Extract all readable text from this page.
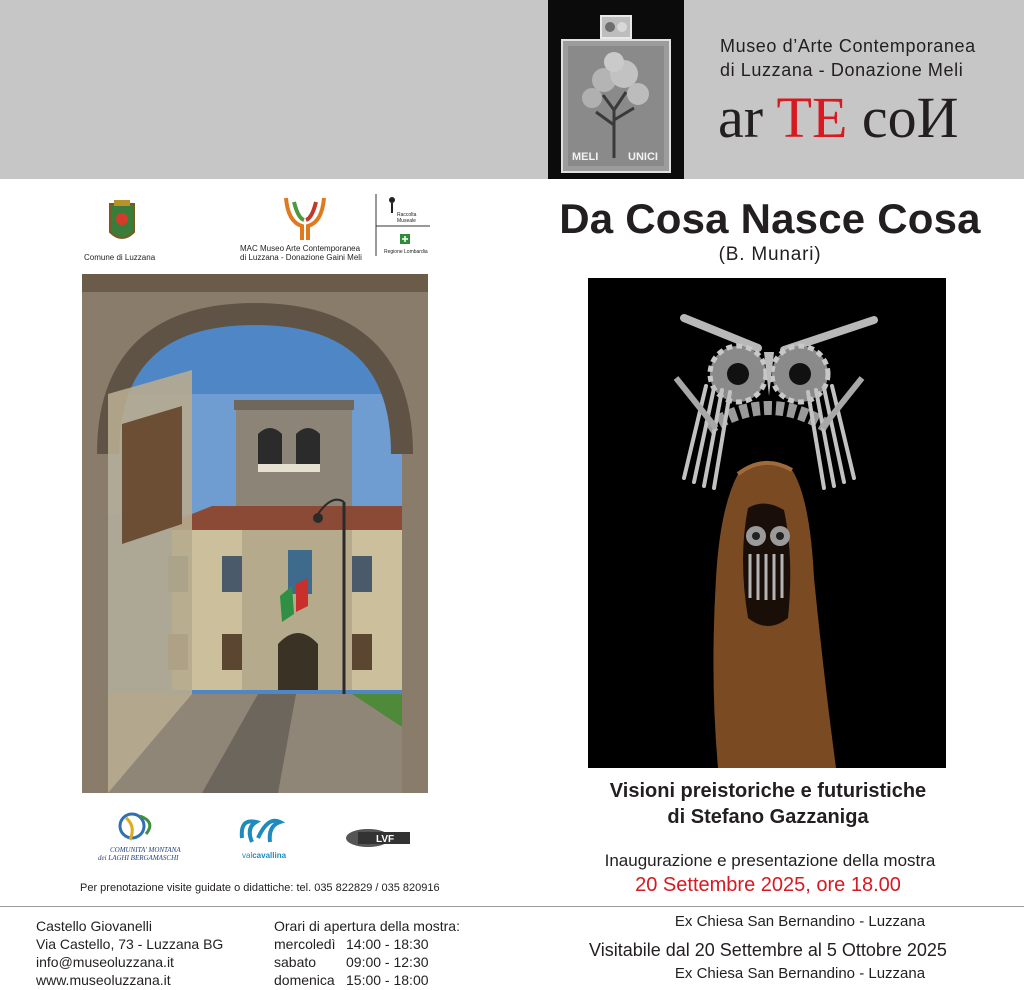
MELI	UNICI
Museo d’Arte Contemporanea
di Luzzana - Donazione Meli
ar TE coИ
Raccolta
Museale
Regione Lombardia
Comune di Luzzana
MAC Museo Arte Contemporanea
di Luzzana - Donazione Gaini Meli
COMUNITA' MONTANA
dei LAGHI BERGAMASCHI	valcavallina
LVF
Per prenotazione visite guidate o didattiche: tel. 035 822829 / 035 820916
Da Cosa Nasce Cosa
(B. Munari)
Visioni preistoriche e futuristiche
di Stefano Gazzaniga
Inaugurazione e presentazione della mostra
20 Settembre 2025, ore 18.00
Castello Giovanelli
Via Castello, 73 - Luzzana BG
info@museoluzzana.it
www.museoluzzana.it
Orari di apertura della mostra:
mercoledì 14:00 - 18:30
sabato 09:00 - 12:30
domenica 15:00 - 18:00
Ex Chiesa San Bernandino - Luzzana
Visitabile dal 20 Settembre al 5 Ottobre 2025
Ex Chiesa San Bernandino - Luzzana
